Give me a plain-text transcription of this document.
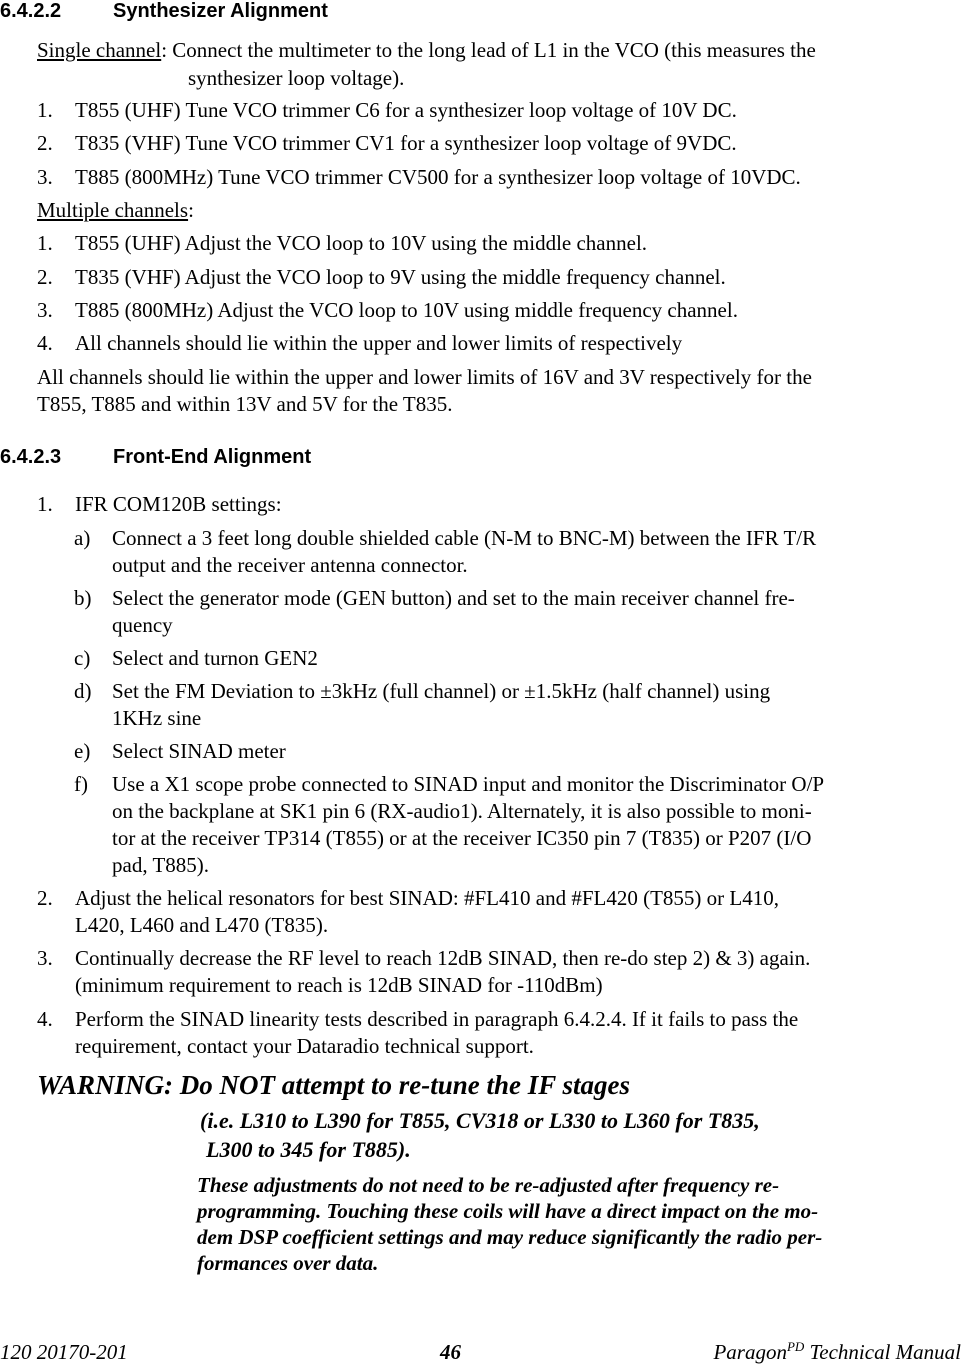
6.4.2.2	Synthesizer Alignment
Single channel: Connect the multimeter to the long lead of L1 in the VCO (this measures the
synthesizer loop voltage).
1. T855 (UHF) Tune VCO trimmer C6 for a synthesizer loop voltage of 10V DC.
2. T835 (VHF) Tune VCO trimmer CV1 for a synthesizer loop voltage of 9VDC.
3. T885 (800MHz) Tune VCO trimmer CV500 for a synthesizer loop voltage of 10VDC.
Multiple channels:
1. T855 (UHF) Adjust the VCO loop to 10V using the middle channel.
2. T835 (VHF) Adjust the VCO loop to 9V using the middle frequency channel.
3. T885 (800MHz) Adjust the VCO loop to 10V using middle frequency channel.
4. All channels should lie within the upper and lower limits of respectively
All channels should lie within the upper and lower limits of 16V and 3V respectively for the
T855, T885 and within 13V and 5V for the T835.
6.4.2.3	Front-End Alignment
1. IFR COM120B settings:
a) Connect a 3 feet long double shielded cable (N-M to BNC-M) between the IFR T/R
output and the receiver antenna connector.
b) Select the generator mode (GEN button) and set to the main receiver channel fre-
quency
c) Select and turnon GEN2
d) Set the FM Deviation to ±3kHz (full channel) or ±1.5kHz (half channel) using
1KHz sine
e) Select SINAD meter
f) Use a X1 scope probe connected to SINAD input and monitor the Discriminator O/P
on the backplane at SK1 pin 6 (RX-audio1). Alternately, it is also possible to moni-
tor at the receiver TP314 (T855) or at the receiver IC350 pin 7 (T835) or P207 (I/O
pad, T885).
2. Adjust the helical resonators for best SINAD: #FL410 and #FL420 (T855) or L410,
L420, L460 and L470 (T835).
3. Continually decrease the RF level to reach 12dB SINAD, then re-do step 2) & 3) again.
(minimum requirement to reach is 12dB SINAD for -110dBm)
4. Perform the SINAD linearity tests described in paragraph 6.4.2.4. If it fails to pass the
requirement, contact your Dataradio technical support.
WARNING: Do NOT attempt to re-tune the IF stages
(i.e. L310 to L390 for T855, CV318 or L330 to L360 for T835,
L300 to 345 for T885).
These adjustments do not need to be re-adjusted after frequency re-
programming. Touching these coils will have a direct impact on the mo-
dem DSP coefficient settings and may reduce significantly the radio per-
formances over data.
120 20170-201	46	Paragon$^{PD}$ Technical Manual
